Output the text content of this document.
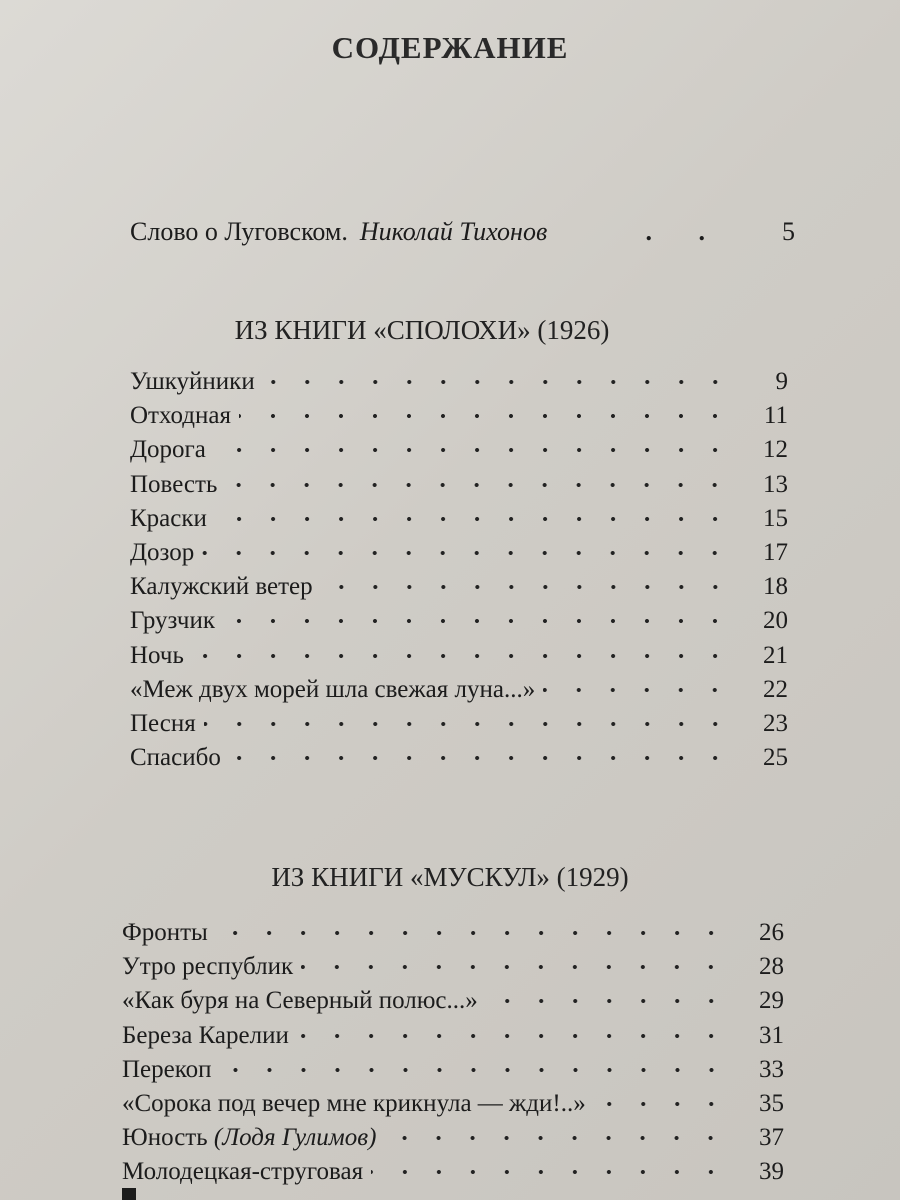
СОДЕРЖАНИЕ
Слово о Луговском. Николай Тихонов	. .	5
ИЗ КНИГИ «СПОЛОХИ» (1926)
Ушкуйники	9
Отходная	11
Дорога	12
Повесть	13
Краски	15
Дозор	17
Калужский ветер	18
Грузчик	20
Ночь	21
«Меж двух морей шла свежая луна...»	22
Песня	23
Спасибо	25
ИЗ КНИГИ «МУСКУЛ» (1929)
Фронты	26
Утро республик	28
«Как буря на Северный полюс...»	29
Береза Карелии	31
Перекоп	33
«Сорока под вечер мне крикнула — жди!..»	35
Юность (Лодя Гулимов)	37
Молодецкая-струговая	39
